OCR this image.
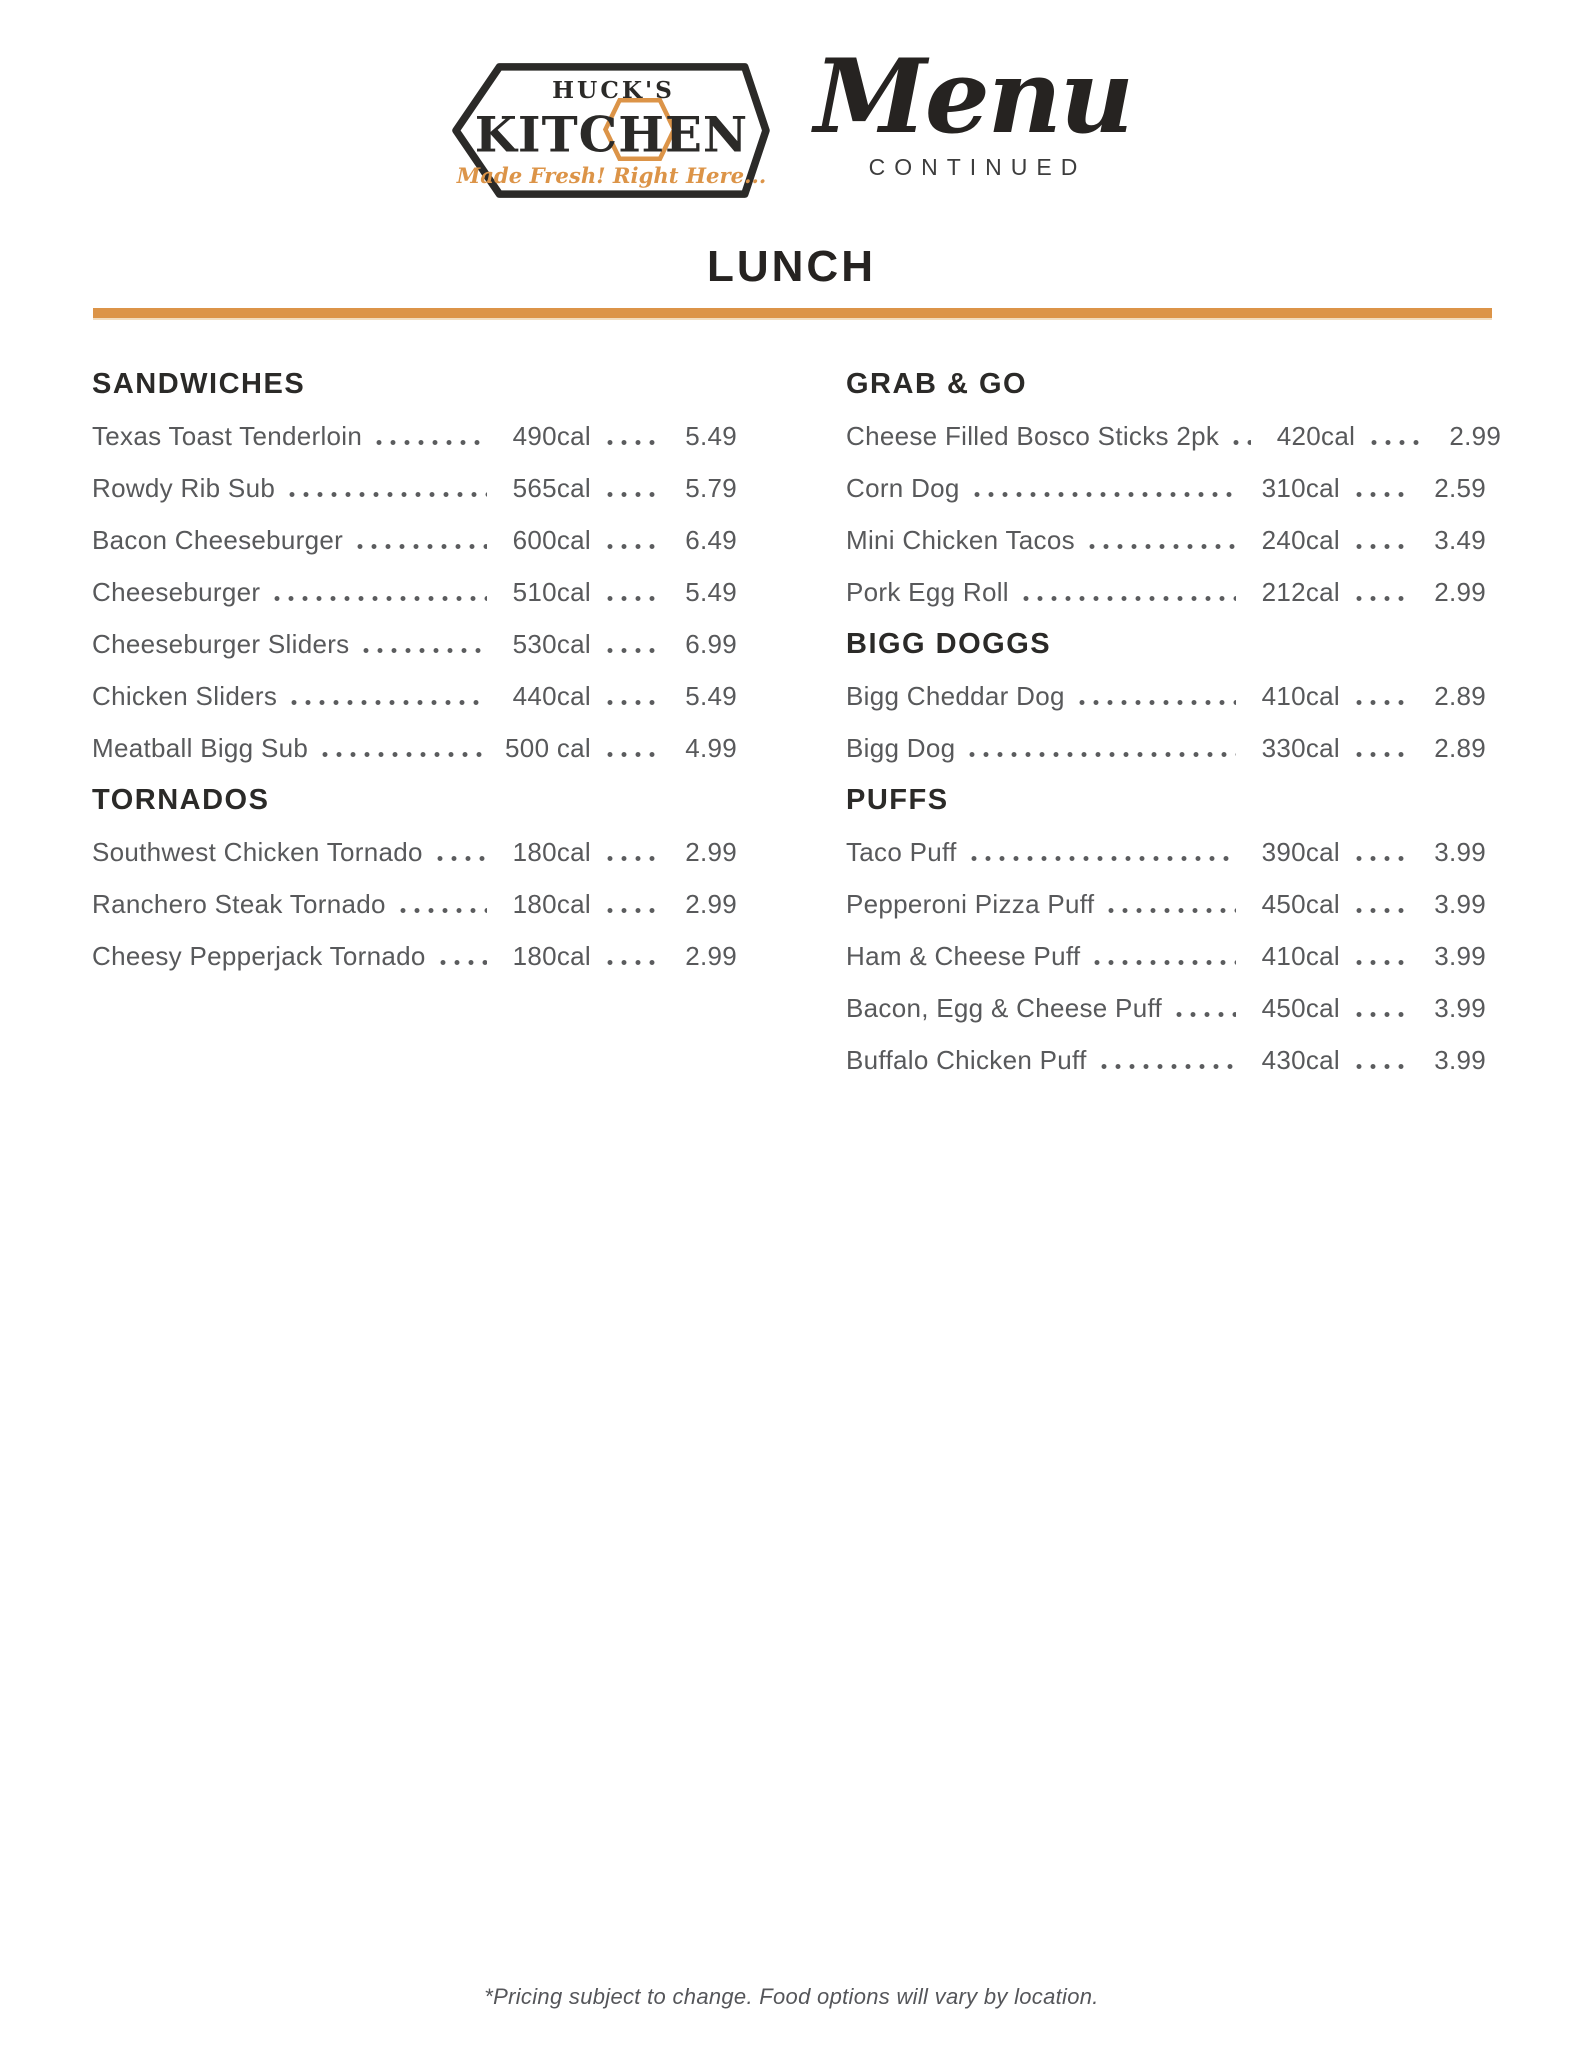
HUCK'S
KITCHEN
Made Fresh! Right Here...
Menu
CONTINUED
LUNCH
SANDWICHES
Texas Toast Tenderloin	490cal	5.49
Rowdy Rib Sub	565cal	5.79
Bacon Cheeseburger	600cal	6.49
Cheeseburger	510cal	5.49
Cheeseburger Sliders	530cal	6.99
Chicken Sliders	440cal	5.49
Meatball Bigg Sub	500 cal	4.99
TORNADOS
Southwest Chicken Tornado	180cal	2.99
Ranchero Steak Tornado	180cal	2.99
Cheesy Pepperjack Tornado	180cal	2.99
GRAB & GO
Cheese Filled Bosco Sticks 2pk	420cal	2.99
Corn Dog	310cal	2.59
Mini Chicken Tacos	240cal	3.49
Pork Egg Roll	212cal	2.99
BIGG DOGGS
Bigg Cheddar Dog	410cal	2.89
Bigg Dog	330cal	2.89
PUFFS
Taco Puff	390cal	3.99
Pepperoni Pizza Puff	450cal	3.99
Ham & Cheese Puff	410cal	3.99
Bacon, Egg & Cheese Puff	450cal	3.99
Buffalo Chicken Puff	430cal	3.99
*Pricing subject to change. Food options will vary by location.
